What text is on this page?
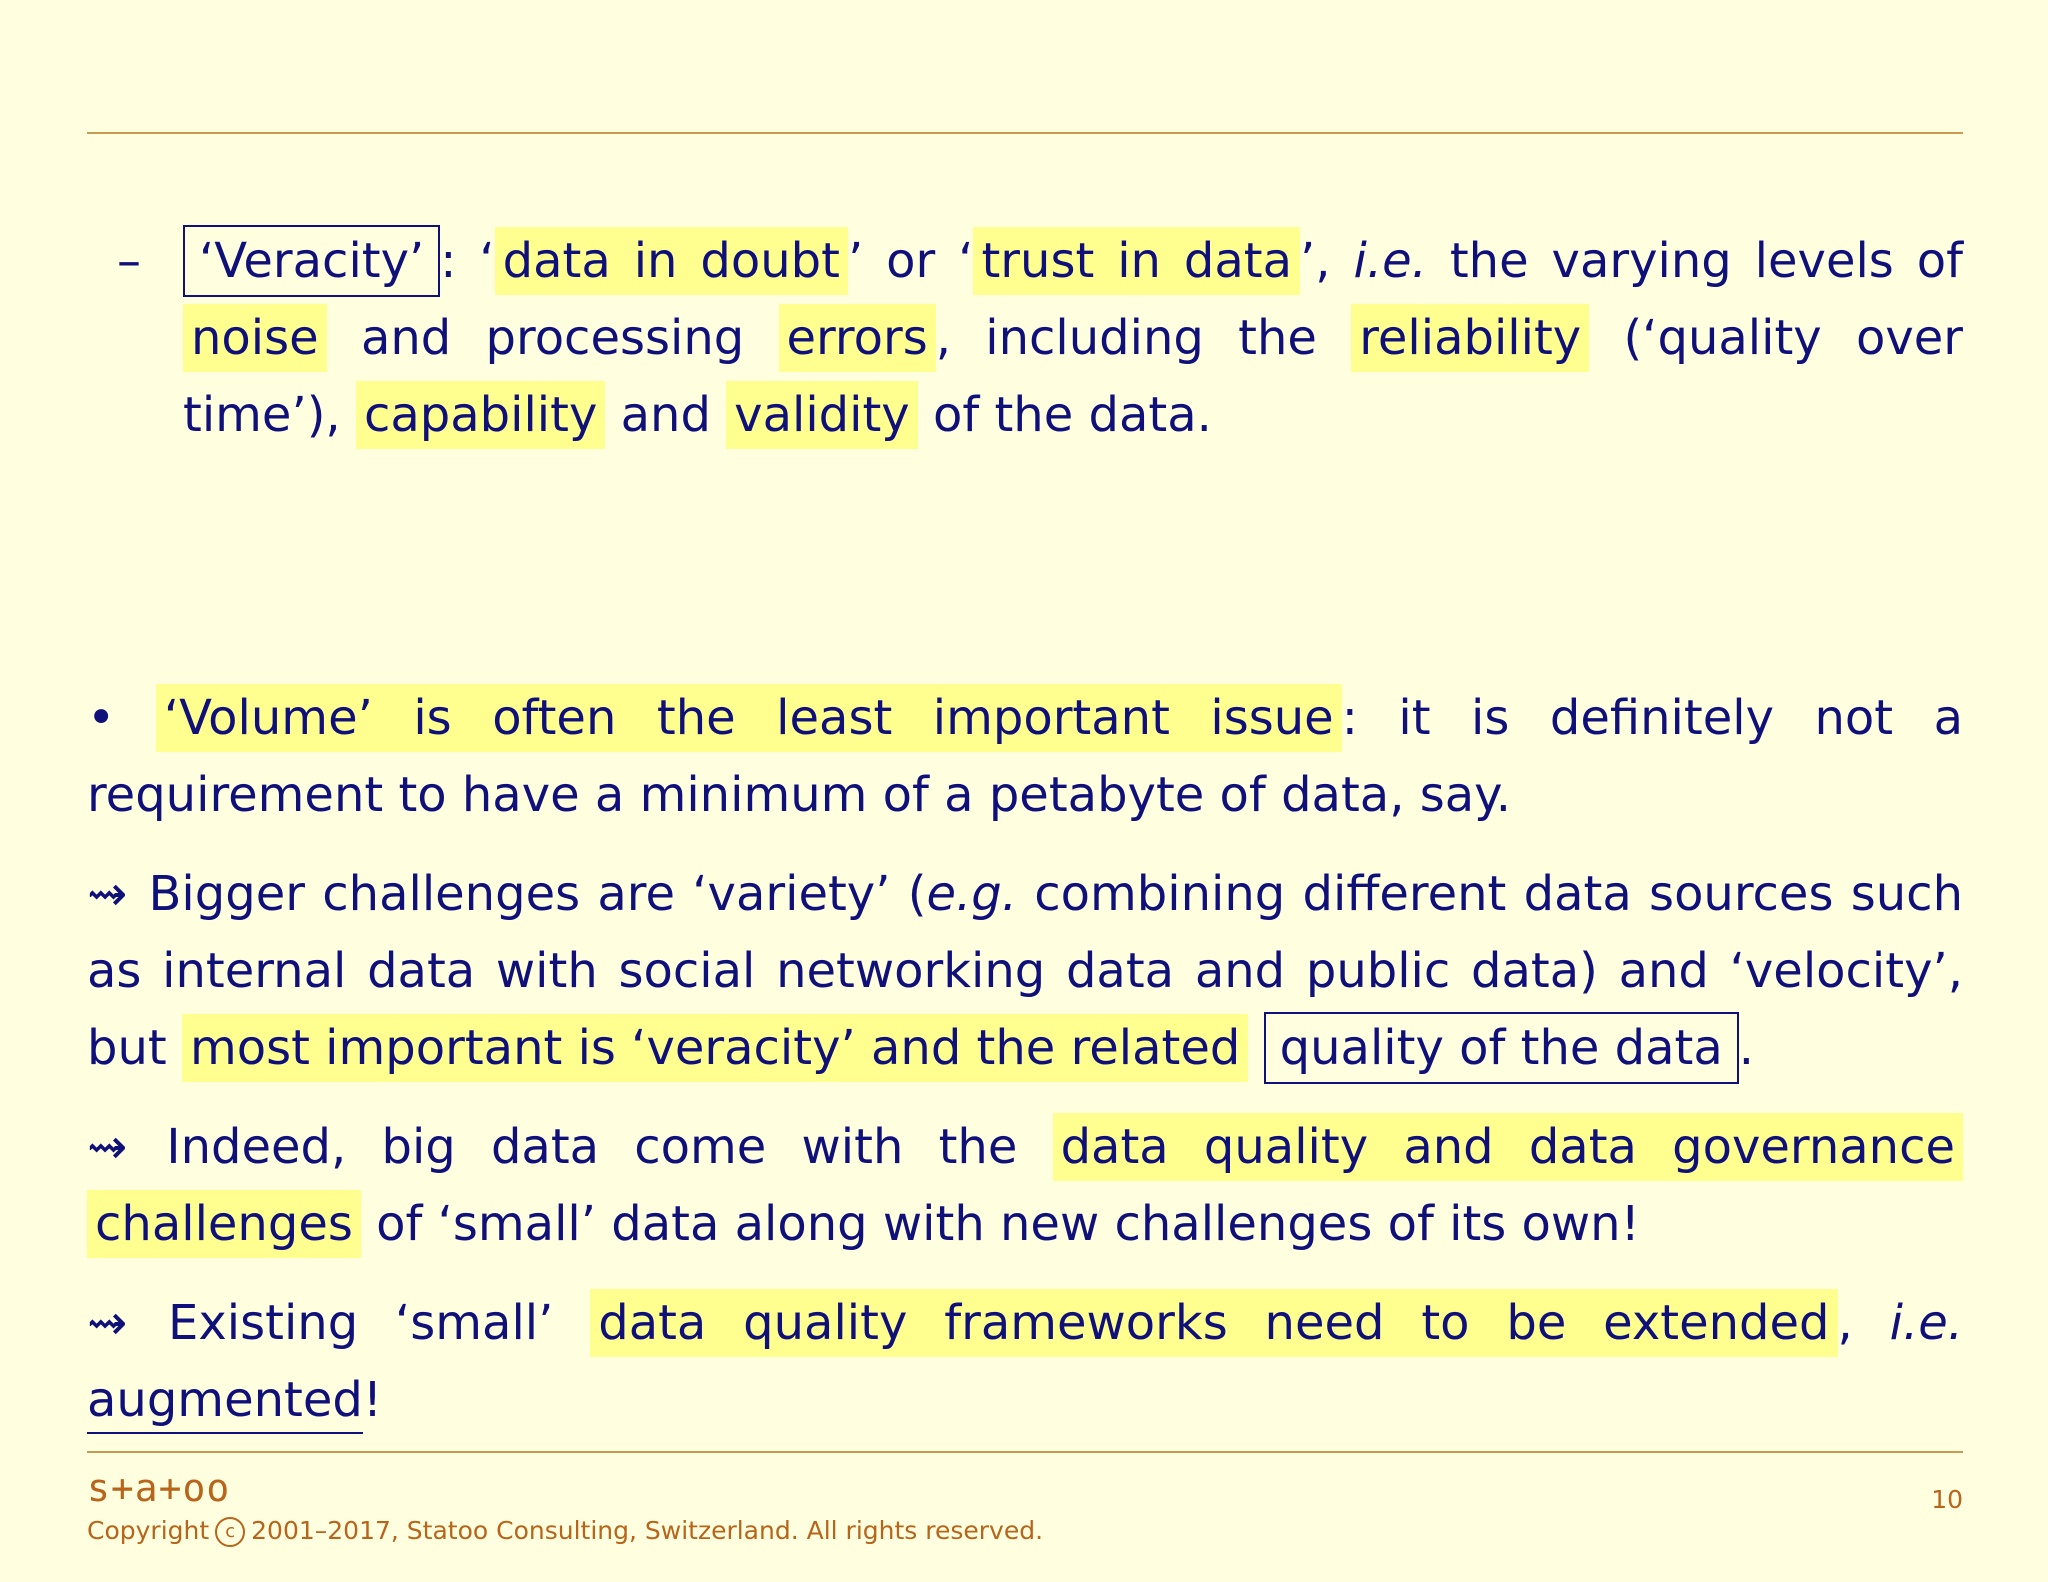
– ‘Veracity’ : ‘ data in doubt ’ or ‘ trust in data ’, i.e. the varying levels of noise and processing errors , including the reliability (‘quality over time’), capability and validity of the data.

• ‘Volume’ is often the least important issue : it is definitely not a requirement to have a minimum of a petabyte of data, say.

⇝ Bigger challenges are ‘variety’ (e.g. combining different data sources such as internal data with social networking data and public data) and ‘velocity’, but most important is ‘veracity’ and the related quality of the data .

⇝ Indeed, big data come with the data quality and data governance challenges of ‘small’ data along with new challenges of its own!

⇝ Existing ‘small’ data quality frameworks need to be extended , i.e. augmented!

s+a+oo
Copyright c 2001–2017, Statoo Consulting, Switzerland. All rights reserved.
10
